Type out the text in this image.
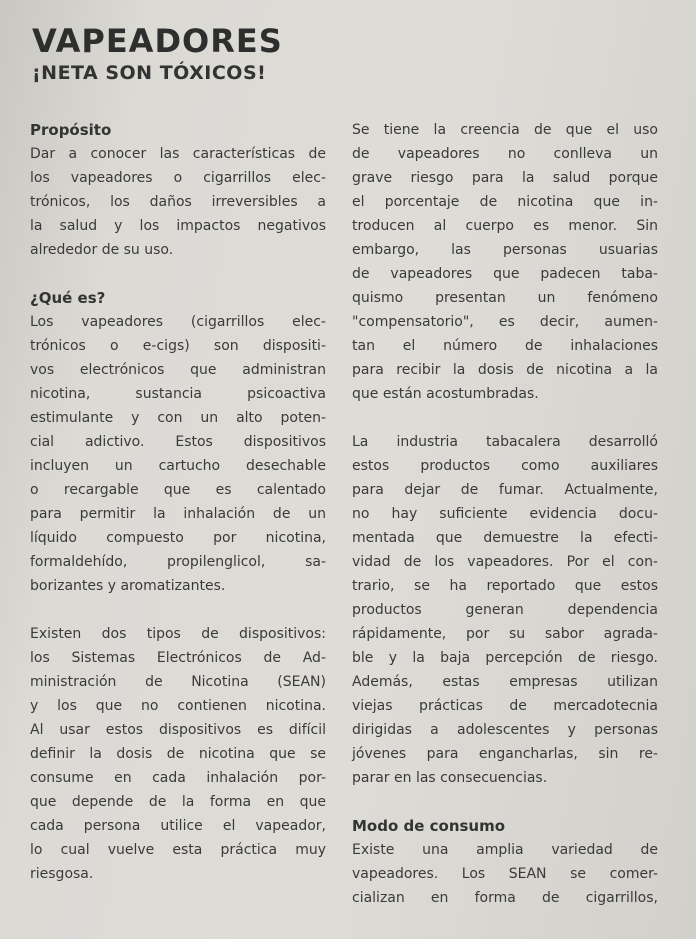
VAPEADORES
¡NETA SON TÓXICOS!
Propósito
Dar a conocer las características de
los vapeadores o cigarrillos elec-
trónicos, los daños irreversibles a
la salud y los impactos negativos
alrededor de su uso.
¿Qué es?
Los vapeadores (cigarrillos elec-
trónicos o e-cigs) son dispositi-
vos electrónicos que administran
nicotina, sustancia psicoactiva
estimulante y con un alto poten-
cial adictivo. Estos dispositivos
incluyen un cartucho desechable
o recargable que es calentado
para permitir la inhalación de un
líquido compuesto por nicotina,
formaldehído, propilenglicol, sa-
borizantes y aromatizantes.
Existen dos tipos de dispositivos:
los Sistemas Electrónicos de Ad-
ministración de Nicotina (SEAN)
y los que no contienen nicotina.
Al usar estos dispositivos es difícil
definir la dosis de nicotina que se
consume en cada inhalación por-
que depende de la forma en que
cada persona utilice el vapeador,
lo cual vuelve esta práctica muy
riesgosa.
Se tiene la creencia de que el uso
de vapeadores no conlleva un
grave riesgo para la salud porque
el porcentaje de nicotina que in-
troducen al cuerpo es menor. Sin
embargo, las personas usuarias
de vapeadores que padecen taba-
quismo presentan un fenómeno
"compensatorio", es decir, aumen-
tan el número de inhalaciones
para recibir la dosis de nicotina a la
que están acostumbradas.
La industria tabacalera desarrolló
estos productos como auxiliares
para dejar de fumar. Actualmente,
no hay suficiente evidencia docu-
mentada que demuestre la efecti-
vidad de los vapeadores. Por el con-
trario, se ha reportado que estos
productos generan dependencia
rápidamente, por su sabor agrada-
ble y la baja percepción de riesgo.
Además, estas empresas utilizan
viejas prácticas de mercadotecnia
dirigidas a adolescentes y personas
jóvenes para engancharlas, sin re-
parar en las consecuencias.
Modo de consumo
Existe una amplia variedad de
vapeadores. Los SEAN se comer-
cializan en forma de cigarrillos,
